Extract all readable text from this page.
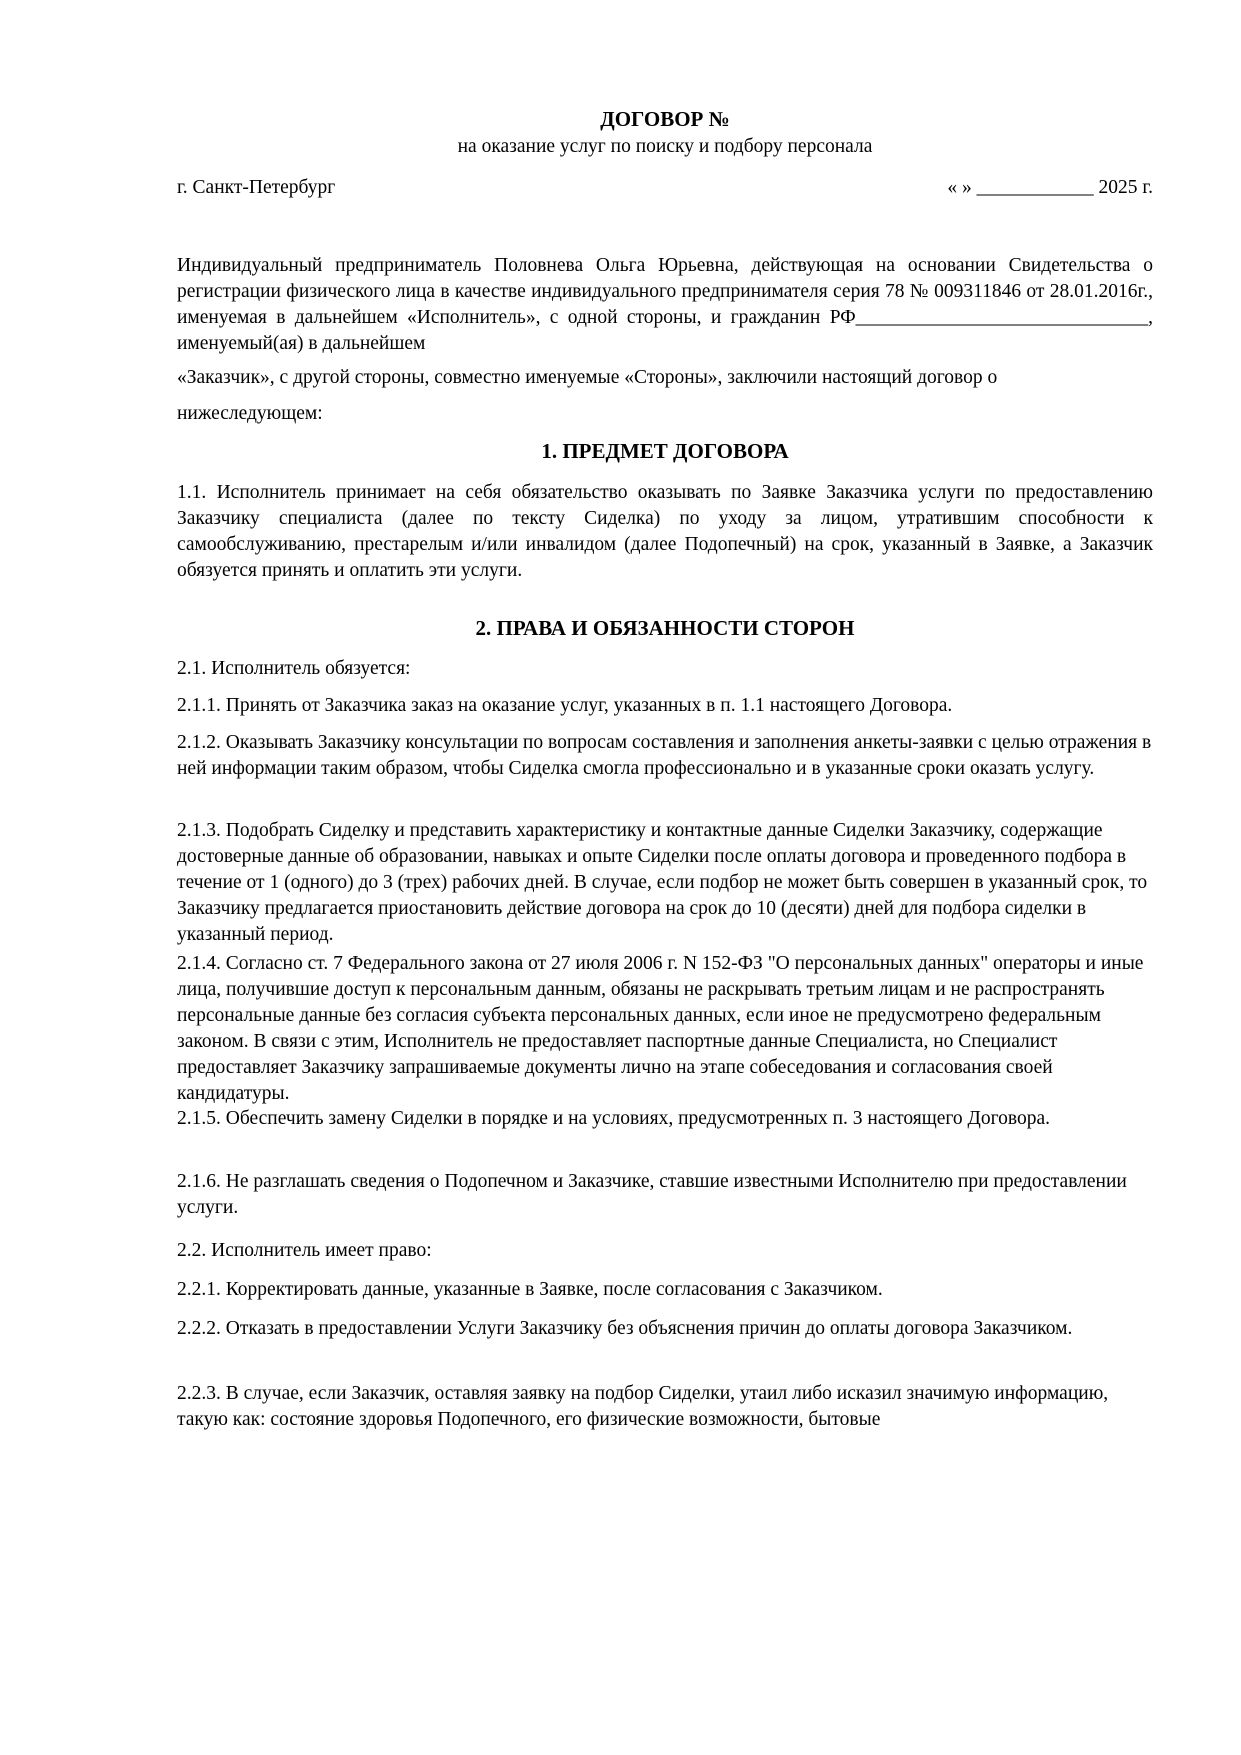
ДОГОВОР №
на оказание услуг по поиску и подбору персонала
г. Санкт-Петербург	« » ____________ 2025 г.
Индивидуальный предприниматель Половнева Ольга Юрьевна, действующая на основании Свидетельства о регистрации физического лица в качестве индивидуального предпринимателя серия 78 № 009311846 от 28.01.2016г., именуемая в дальнейшем «Исполнитель», с одной стороны, и гражданин РФ______________________________, именуемый(ая) в дальнейшем
«Заказчик», с другой стороны, совместно именуемые «Стороны», заключили настоящий договор о
нижеследующем:
1. ПРЕДМЕТ ДОГОВОРА
1.1. Исполнитель принимает на себя обязательство оказывать по Заявке Заказчика услуги по предоставлению Заказчику специалиста (далее по тексту Сиделка) по уходу за лицом, утратившим способности к самообслуживанию, престарелым и/или инвалидом (далее Подопечный) на срок, указанный в Заявке, а Заказчик обязуется принять и оплатить эти услуги.
2. ПРАВА И ОБЯЗАННОСТИ СТОРОН
2.1. Исполнитель обязуется:
2.1.1. Принять от Заказчика заказ на оказание услуг, указанных в п. 1.1 настоящего Договора.
2.1.2. Оказывать Заказчику консультации по вопросам составления и заполнения анкеты-заявки с целью отражения в ней информации таким образом, чтобы Сиделка смогла профессионально и в указанные сроки оказать услугу.
2.1.3. Подобрать Сиделку и представить характеристику и контактные данные Сиделки Заказчику, содержащие достоверные данные об образовании, навыках и опыте Сиделки после оплаты договора и проведенного подбора в течение от 1 (одного) до 3 (трех) рабочих дней. В случае, если подбор не может быть совершен в указанный срок, то Заказчику предлагается приостановить действие договора на срок до 10 (десяти) дней для подбора сиделки в указанный период.
2.1.4. Согласно ст. 7 Федерального закона от 27 июля 2006 г. N 152-ФЗ "О персональных данных" операторы и иные лица, получившие доступ к персональным данным, обязаны не раскрывать третьим лицам и не распространять персональные данные без согласия субъекта персональных данных, если иное не предусмотрено федеральным законом. В связи с этим, Исполнитель не предоставляет паспортные данные Специалиста, но Специалист предоставляет Заказчику запрашиваемые документы лично на этапе собеседования и согласования своей кандидатуры.
2.1.5. Обеспечить замену Сиделки в порядке и на условиях, предусмотренных п. 3 настоящего Договора.
2.1.6. Не разглашать сведения о Подопечном и Заказчике, ставшие известными Исполнителю при предоставлении услуги.
2.2. Исполнитель имеет право:
2.2.1. Корректировать данные, указанные в Заявке, после согласования с Заказчиком.
2.2.2. Отказать в предоставлении Услуги Заказчику без объяснения причин до оплаты договора Заказчиком.
2.2.3. В случае, если Заказчик, оставляя заявку на подбор Сиделки, утаил либо исказил значимую информацию, такую как: состояние здоровья Подопечного, его физические возможности, бытовые
